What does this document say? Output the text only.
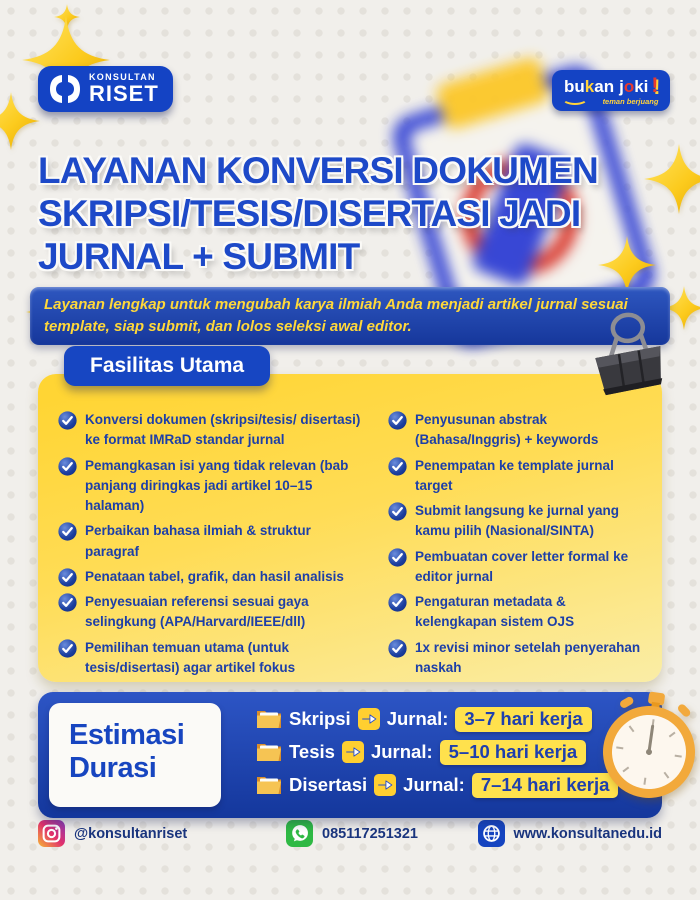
KONSULTAN
RISET	bukan joki !
teman berjuang
LAYANAN KONVERSI DOKUMEN
SKRIPSI/TESIS/DISERTASI JADI
JURNAL + SUBMIT
Layanan lengkap untuk mengubah karya ilmiah Anda menjadi artikel jurnal sesuai template, siap submit, dan lolos seleksi awal editor.
Fasilitas Utama
Konversi dokumen (skripsi/tesis/ disertasi) ke format IMRaD standar jurnal
Pemangkasan isi yang tidak relevan (bab panjang diringkas jadi artikel 10–15 halaman)
Perbaikan bahasa ilmiah & struktur paragraf
Penataan tabel, grafik, dan hasil analisis
Penyesuaian referensi sesuai gaya selingkung (APA/Harvard/IEEE/dll)
Pemilihan temuan utama (untuk tesis/disertasi) agar artikel fokus
Penyusunan abstrak (Bahasa/Inggris) + keywords
Penempatan ke template jurnal target
Submit langsung ke jurnal yang kamu pilih (Nasional/SINTA)
Pembuatan cover letter formal ke editor jurnal
Pengaturan metadata & kelengkapan sistem OJS
1x revisi minor setelah penyerahan naskah
Estimasi
Durasi
Skripsi Jurnal: 3–7 hari kerja
Tesis Jurnal: 5–10 hari kerja
Disertasi Jurnal: 7–14 hari kerja
@konsultanriset	085117251321	www.konsultanedu.id
